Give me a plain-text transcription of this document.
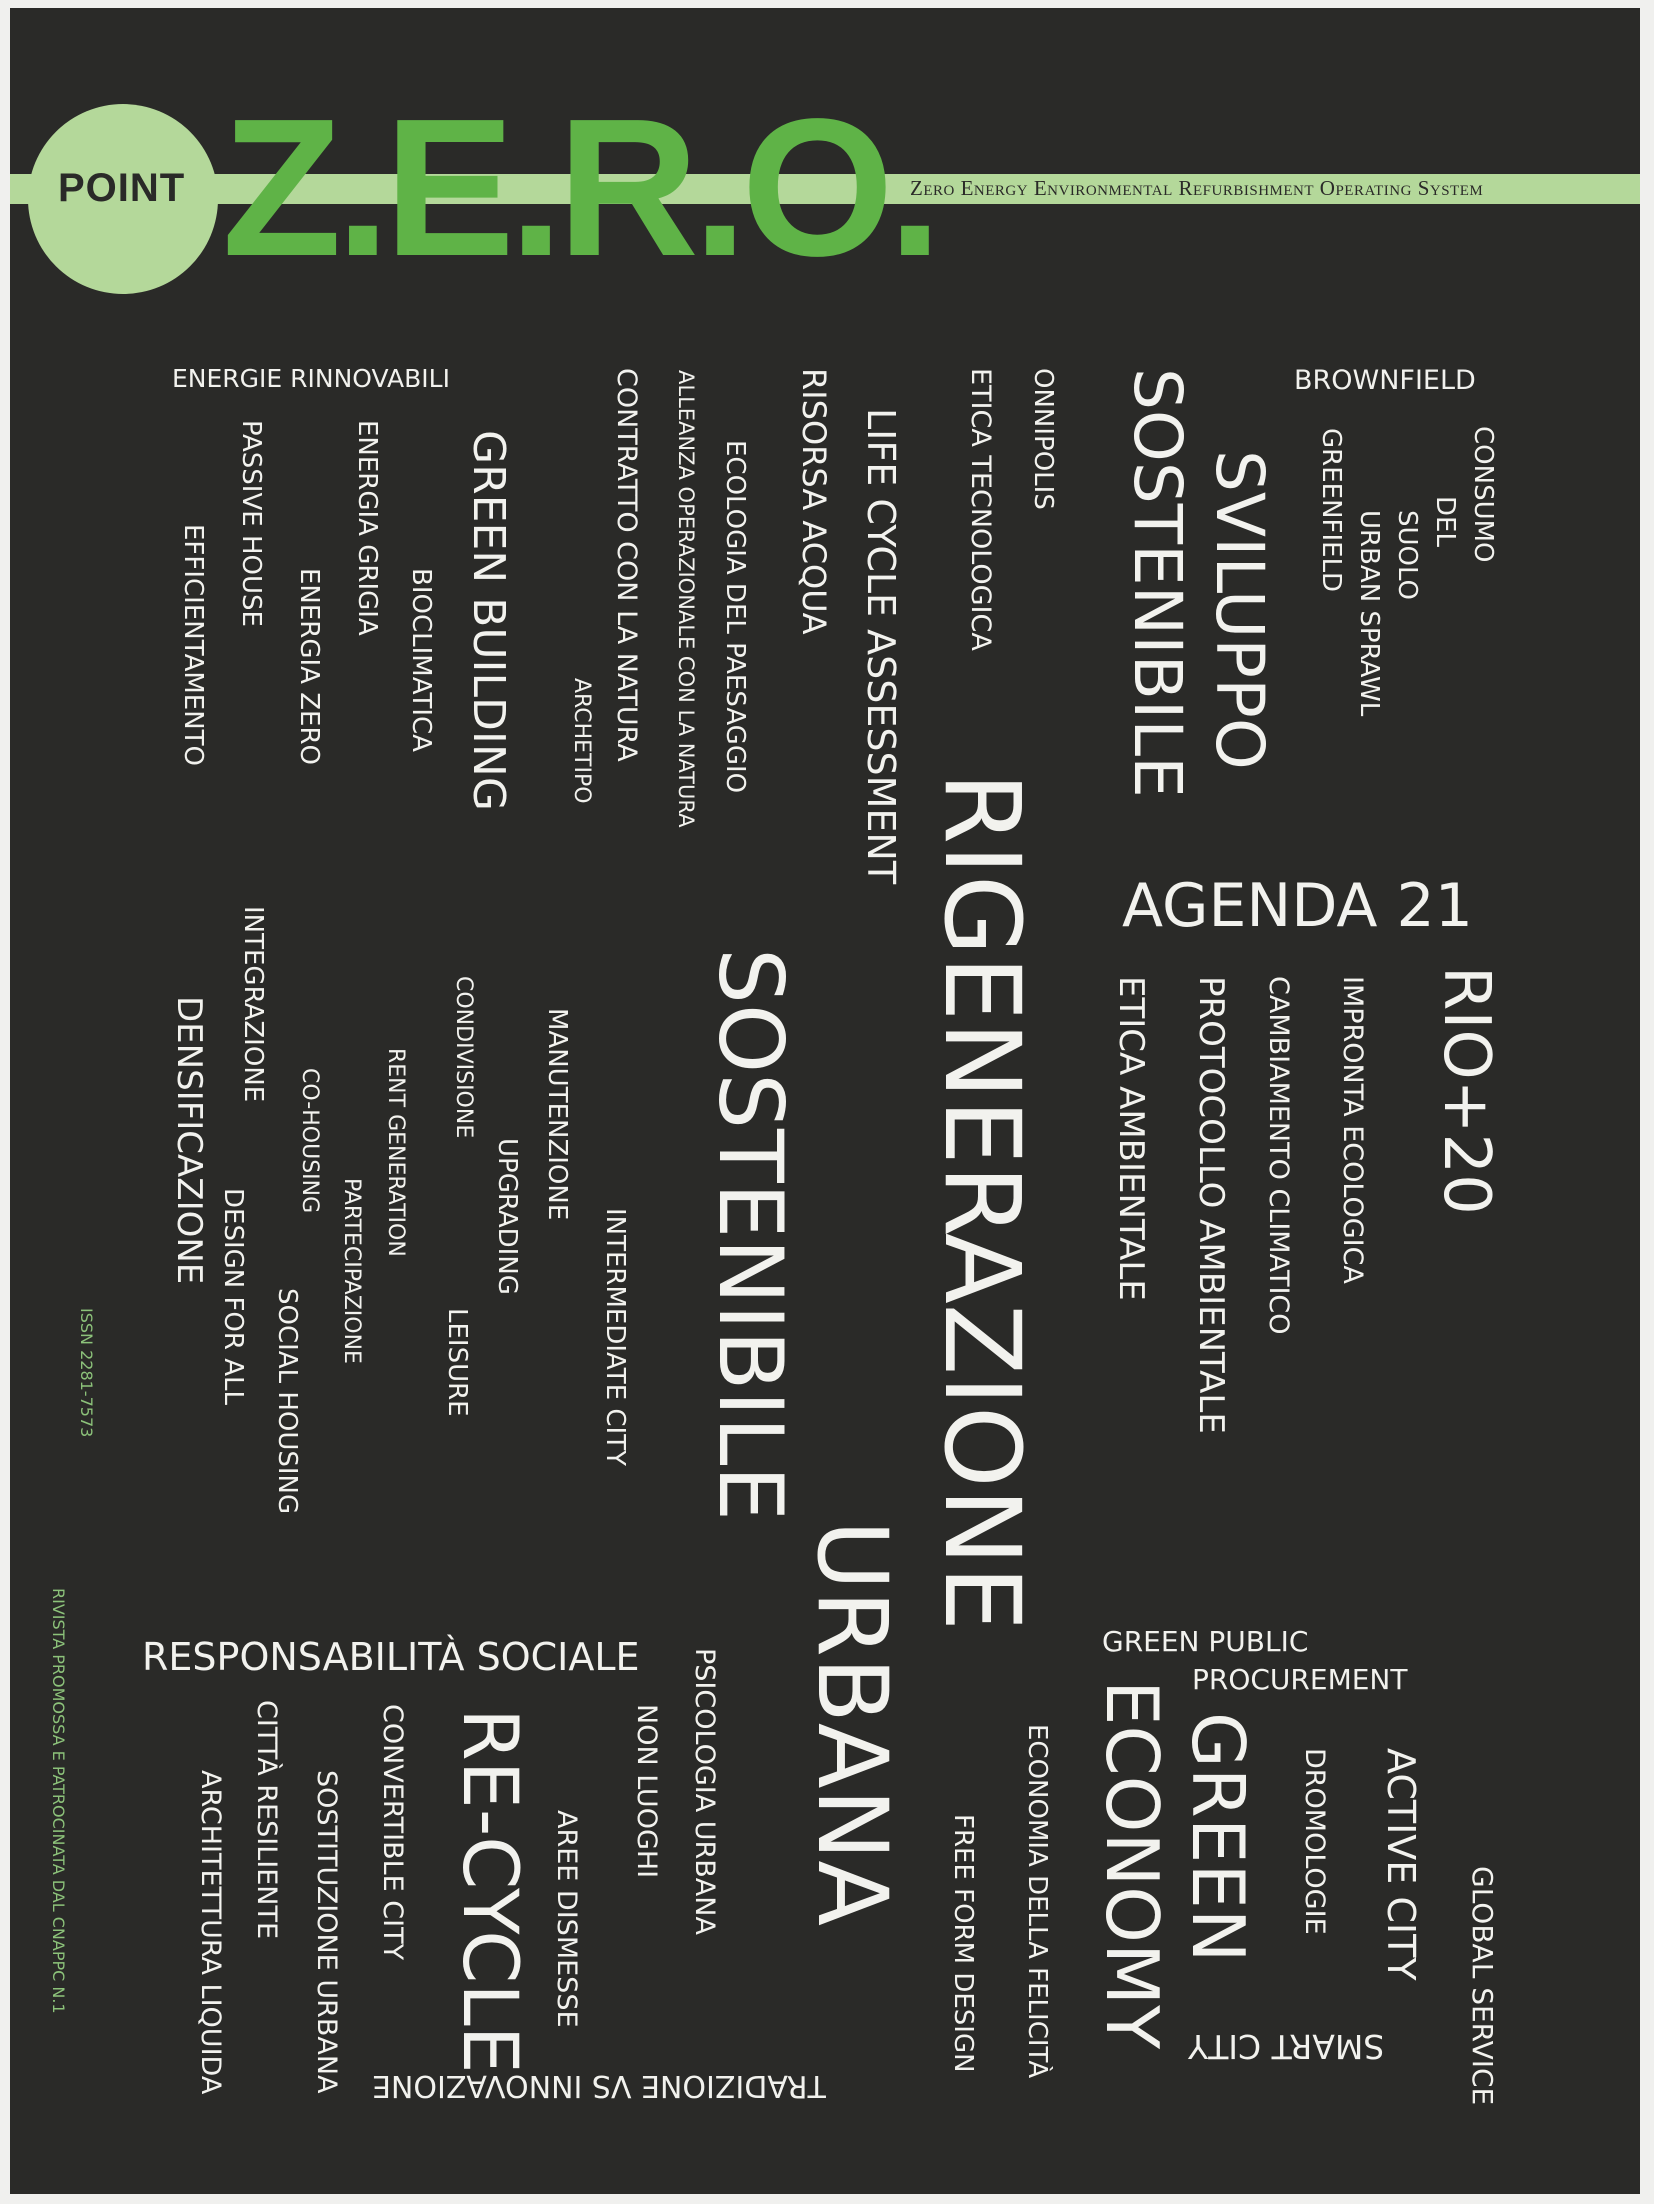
POINT Z.E.R.O.
Zero Energy Environmental Refurbishment Operating System
CONSUMO
DEL
SUOLO
URBAN SPRAWL
BROWNFIELD
GREENFIELD
SVILUPPO
SOSTENIBILE
ONNIPOLIS
ETICA TECNOLOGICA
LIFE CYCLE ASSESSMENT
RISORSA ACQUA
ECOLOGIA DEL PAESAGGIO
ALLEANZA OPERAZIONALE CON LA NATURA
CONTRATTO CON LA NATURA
ARCHETIPO
GREEN BUILDING
BIOCLIMATICA
ENERGIE RINNOVABILI
ENERGIA ZERO
ENERGIA GRIGIA
PASSIVE HOUSE
EFFICIENTAMENTO
RIGENERAZIONE AGENDA 21
RIO+20
IMPRONTA ECOLOGICA
CAMBIAMENTO CLIMATICO
PROTOCOLLO AMBIENTALE
ETICA AMBIENTALE
SOSTENIBILE
URBANA
INTERMEDIATE CITY
MANUTENZIONE
UPGRADING
LEISURE
CONDIVISIONE
RENT GENERATION
PARTECIPAZIONE
CO-HOUSING
SOCIAL HOUSING
INTEGRAZIONE
DESIGN FOR ALL
DENSIFICAZIONE
GREEN PUBLIC
PROCUREMENT
RESPONSABILITÀ SOCIALE PSICOLOGIA URBANA
NON LUOGHI
AREE DISMESSE
RE-CYCLE
CONVERTIBLE CITY
SOSTITUZIONE URBANA
CITTÀ RESILIENTE
ARCHITETTURA LIQUIDA	FREE FORM DESIGN ECONOMIA DELLA FELICITÀ GREEN
ECONOMY	DROMOLOGIE ACTIVE CITY
GLOBAL SERVICE
SMART CITY
TRADIZIONE VS INNOVAZIONE
ISSN 2281-7573
RIVISTA PROMOSSA E PATROCINATA DAL CNAPPC N.1
